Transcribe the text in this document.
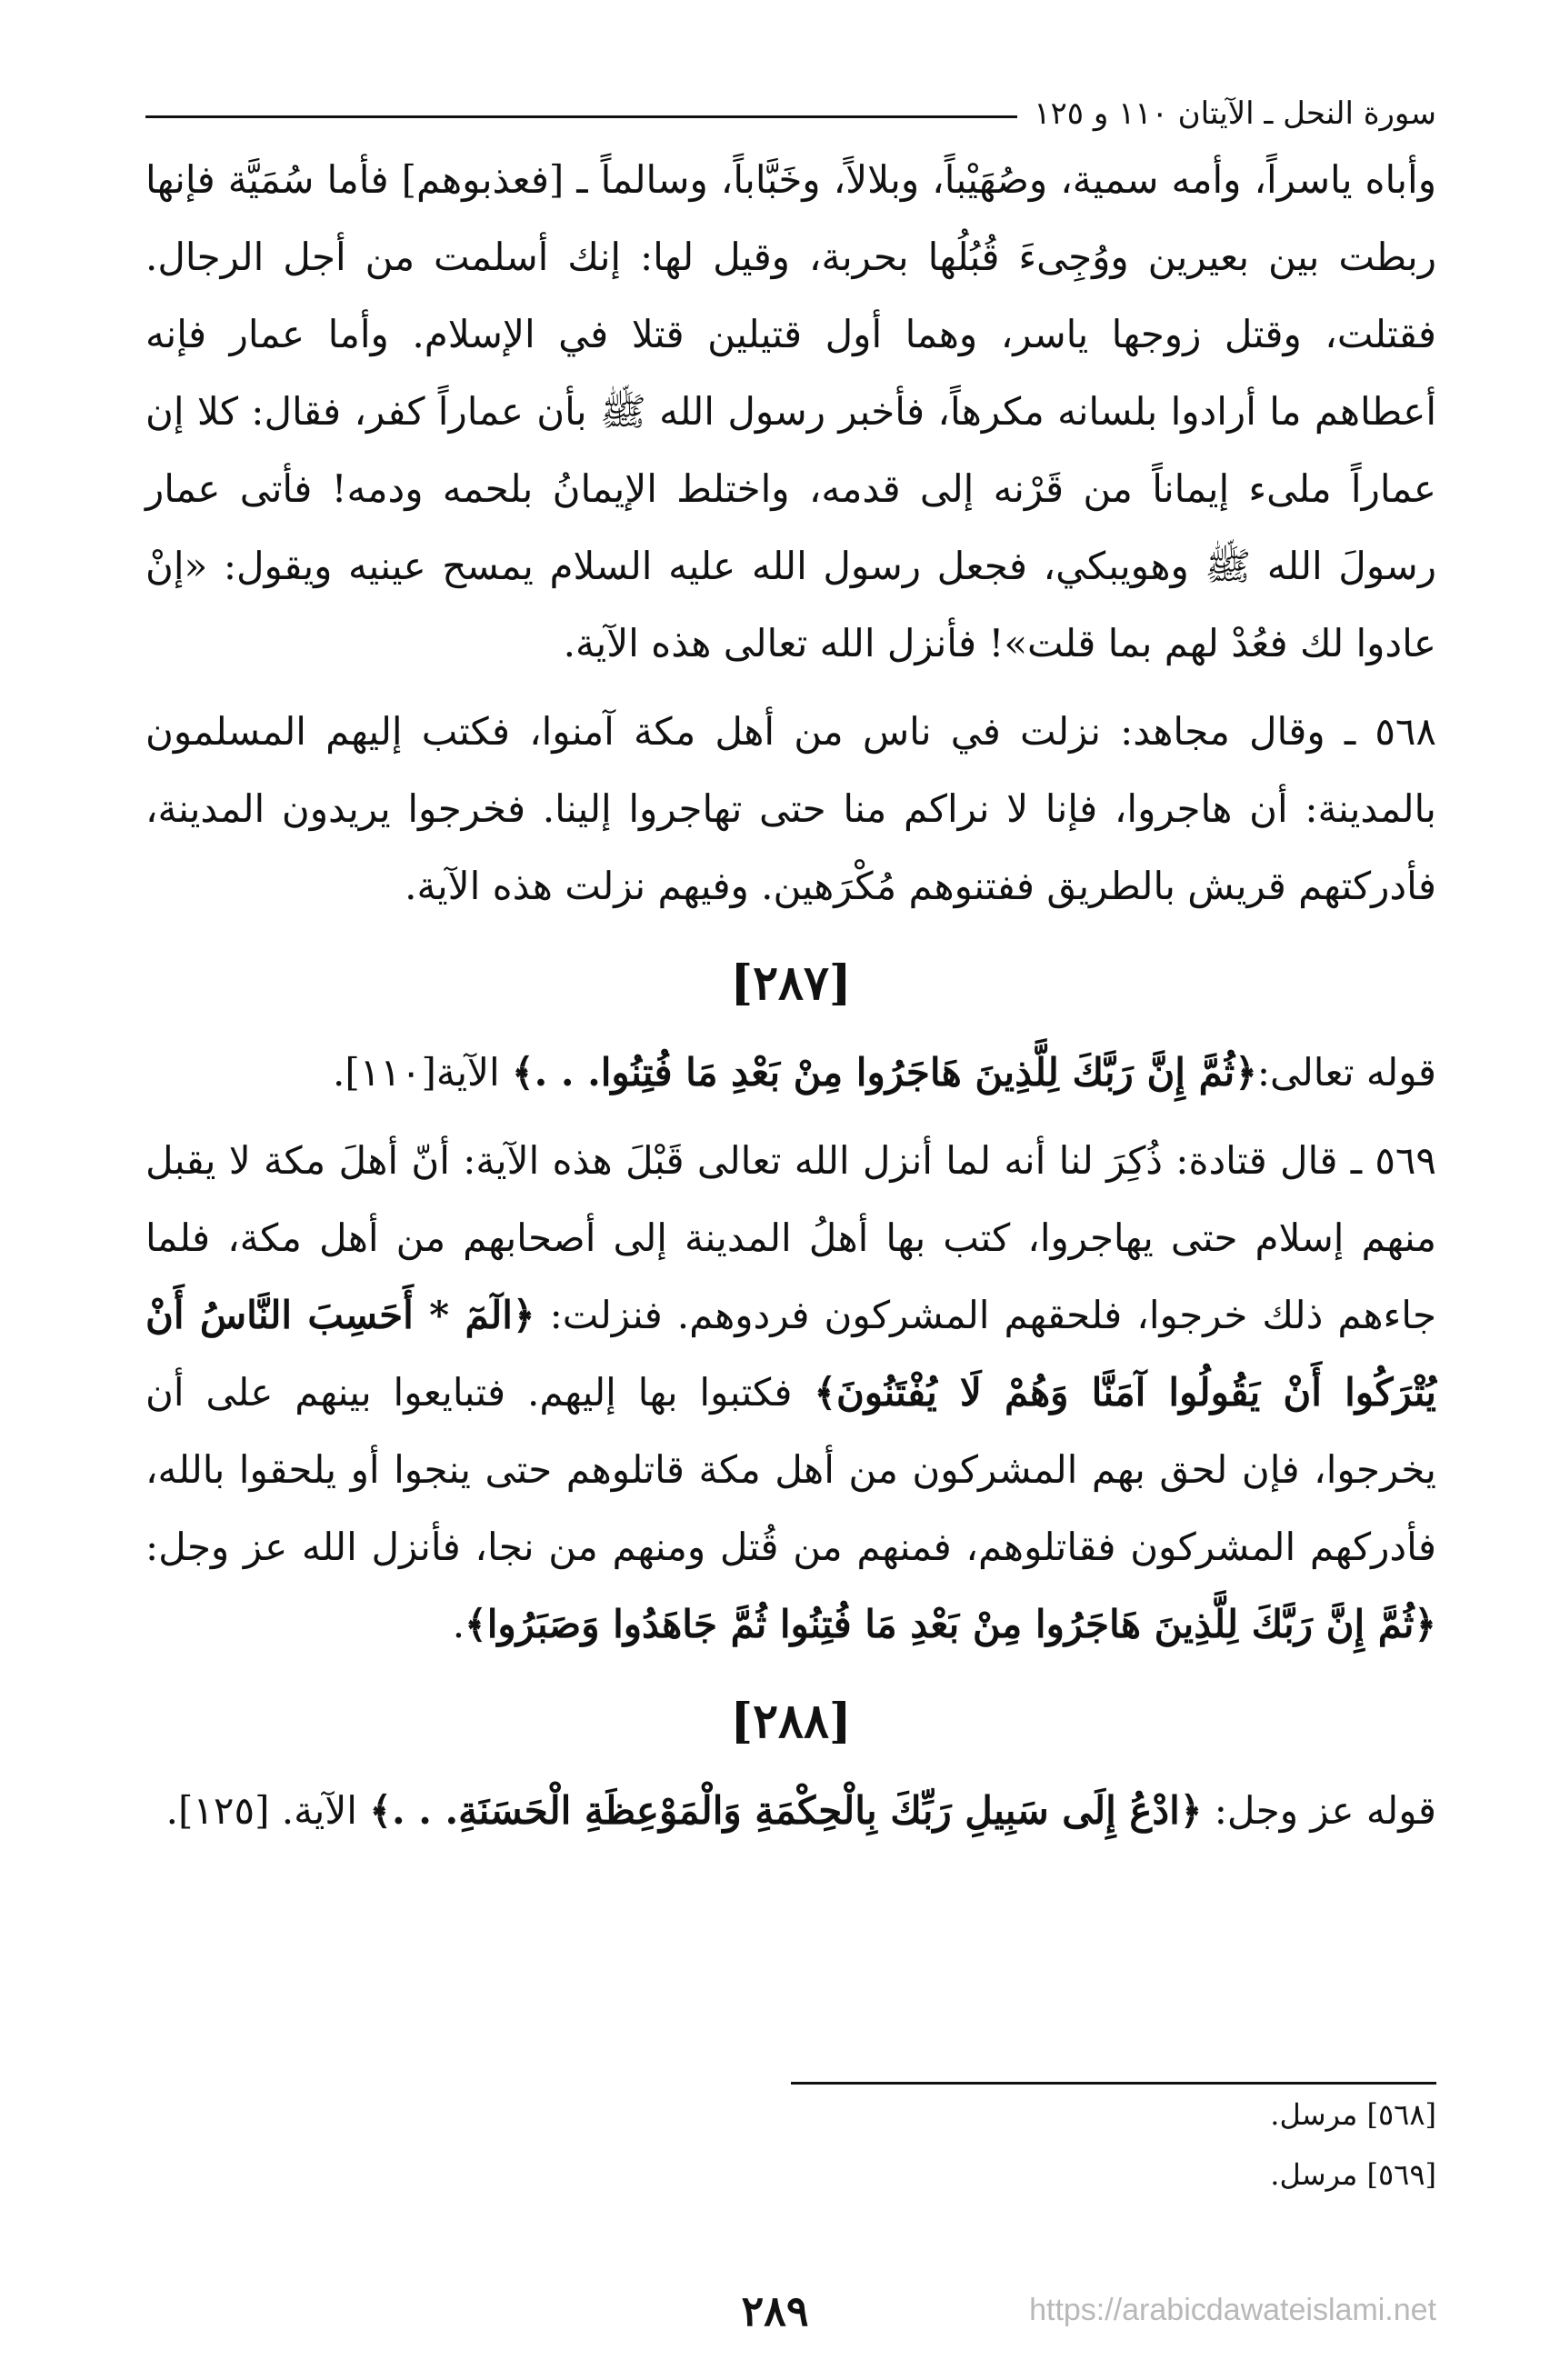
سورة النحل ـ الآيتان ١١٠ و ١٢٥

وأباه ياسراً، وأمه سمية، وصُهَيْباً، وبلالاً، وخَبَّاباً، وسالماً ـ [فعذبوهم] فأما سُمَيَّة فإنها ربطت بين بعيرين ووُجِىءَ قُبُلُها بحربة، وقيل لها: إنك أسلمت من أجل الرجال. فقتلت، وقتل زوجها ياسر، وهما أول قتيلين قتلا في الإسلام. وأما عمار فإنه أعطاهم ما أرادوا بلسانه مكرهاً، فأخبر رسول الله ﷺ بأن عماراً كفر، فقال: كلا إن عماراً ملىء إيماناً من قَرْنه إلى قدمه، واختلط الإيمانُ بلحمه ودمه! فأتى عمار رسولَ الله ﷺ وهويبكي، فجعل رسول الله عليه السلام يمسح عينيه ويقول: «إنْ عادوا لك فعُدْ لهم بما قلت»! فأنزل الله تعالى هذه الآية.

٥٦٨ ـ وقال مجاهد: نزلت في ناس من أهل مكة آمنوا، فكتب إليهم المسلمون بالمدينة: أن هاجروا، فإنا لا نراكم منا حتى تهاجروا إلينا. فخرجوا يريدون المدينة، فأدركتهم قريش بالطريق ففتنوهم مُكْرَهين. وفيهم نزلت هذه الآية.

[٢٨٧]

قوله تعالى:﴿ثُمَّ إِنَّ رَبَّكَ لِلَّذِينَ هَاجَرُوا مِنْ بَعْدِ مَا فُتِنُوا. . .﴾ الآية[١١٠].

٥٦٩ ـ قال قتادة: ذُكِرَ لنا أنه لما أنزل الله تعالى قَبْلَ هذه الآية: أنّ أهلَ مكة لا يقبل منهم إسلام حتى يهاجروا، كتب بها أهلُ المدينة إلى أصحابهم من أهل مكة، فلما جاءهم ذلك خرجوا، فلحقهم المشركون فردوهم. فنزلت: ﴿الٓمٓ * أَحَسِبَ النَّاسُ أَنْ يُتْرَكُوا أَنْ يَقُولُوا آمَنَّا وَهُمْ لَا يُفْتَنُونَ﴾ فكتبوا بها إليهم. فتبايعوا بينهم على أن يخرجوا، فإن لحق بهم المشركون من أهل مكة قاتلوهم حتى ينجوا أو يلحقوا بالله، فأدركهم المشركون فقاتلوهم، فمنهم من قُتل ومنهم من نجا، فأنزل الله عز وجل: ﴿ثُمَّ إِنَّ رَبَّكَ لِلَّذِينَ هَاجَرُوا مِنْ بَعْدِ مَا فُتِنُوا ثُمَّ جَاهَدُوا وَصَبَرُوا﴾.

[٢٨٨]

قوله عز وجل: ﴿ادْعُ إِلَى سَبِيلِ رَبِّكَ بِالْحِكْمَةِ وَالْمَوْعِظَةِ الْحَسَنَةِ. . .﴾ الآية. [١٢٥].

[٥٦٨] مرسل.
[٥٦٩] مرسل.
٢٨٩	https://arabicdawateislami.net
